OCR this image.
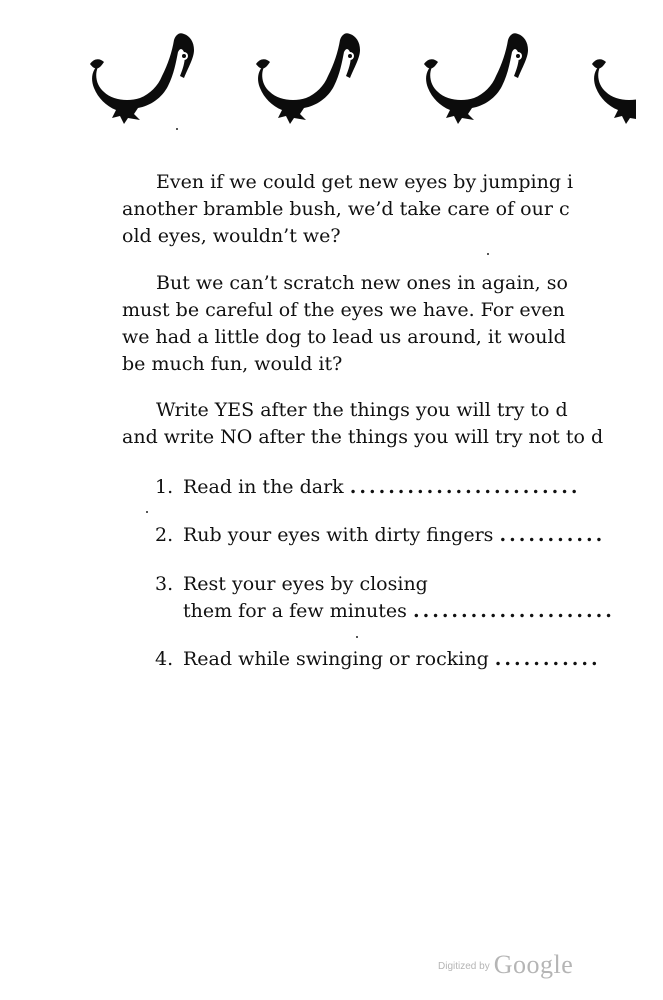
Even if we could get new eyes by jumping i
another bramble bush, we’d take care of our c
old eyes, wouldn’t we?
But we can’t scratch new ones in again, so
must be careful of the eyes we have. For even
we had a little dog to lead us around, it would
be much fun, would it?
Write YES after the things you will try to d
and write NO after the things you will try not to d
1. Read in the dark ........................
2. Rub your eyes with dirty fingers ...........
3. Rest your eyes by closing
them for a few minutes .....................
4. Read while swinging or rocking ...........
$^{Digitized by}$ Google
